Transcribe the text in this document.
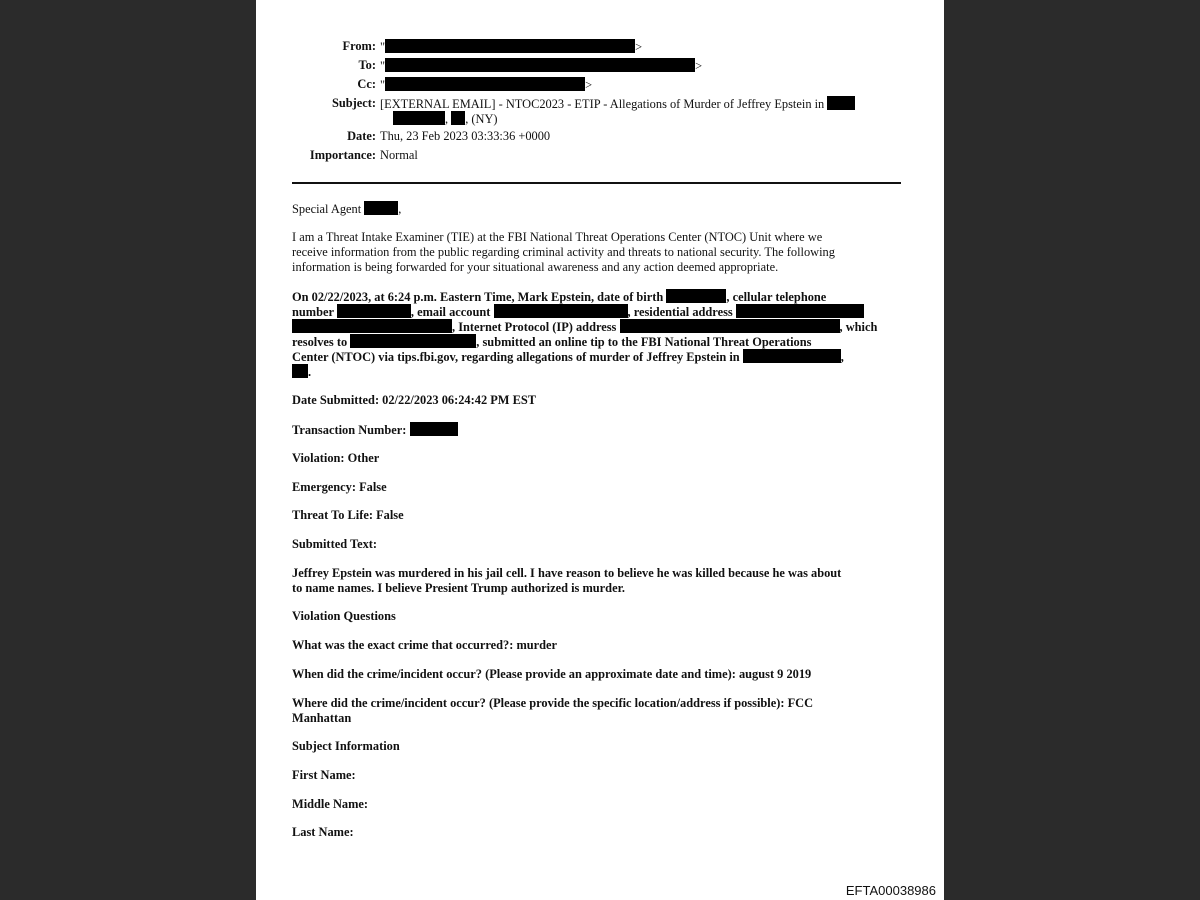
From: "	>
To: "	>
Cc: "	>
Subject: [EXTERNAL EMAIL] - NTOC2023 - ETIP - Allegations of Murder of Jeffrey Epstein in
, , (NY)
Date: Thu, 23 Feb 2023 03:33:36 +0000
Importance: Normal
Special Agent	,
I am a Threat Intake Examiner (TIE) at the FBI National Threat Operations Center (NTOC) Unit where we
receive information from the public regarding criminal activity and threats to national security. The following
information is being forwarded for your situational awareness and any action deemed appropriate.
On 02/22/2023, at 6:24 p.m. Eastern Time, Mark Epstein, date of birth	, cellular telephone
number	, email account	, residential address
, Internet Protocol (IP) address	, which
resolves to	, submitted an online tip to the FBI National Threat Operations
Center (NTOC) via tips.fbi.gov, regarding allegations of murder of Jeffrey Epstein in	,
.
Date Submitted: 02/22/2023 06:24:42 PM EST
Transaction Number:
Violation: Other
Emergency: False
Threat To Life: False
Submitted Text:
Jeffrey Epstein was murdered in his jail cell. I have reason to believe he was killed because he was about
to name names. I believe Presient Trump authorized is murder.
Violation Questions
What was the exact crime that occurred?: murder
When did the crime/incident occur? (Please provide an approximate date and time): august 9 2019
Where did the crime/incident occur? (Please provide the specific location/address if possible): FCC
Manhattan
Subject Information
First Name:
Middle Name:
Last Name:
EFTA00038986
